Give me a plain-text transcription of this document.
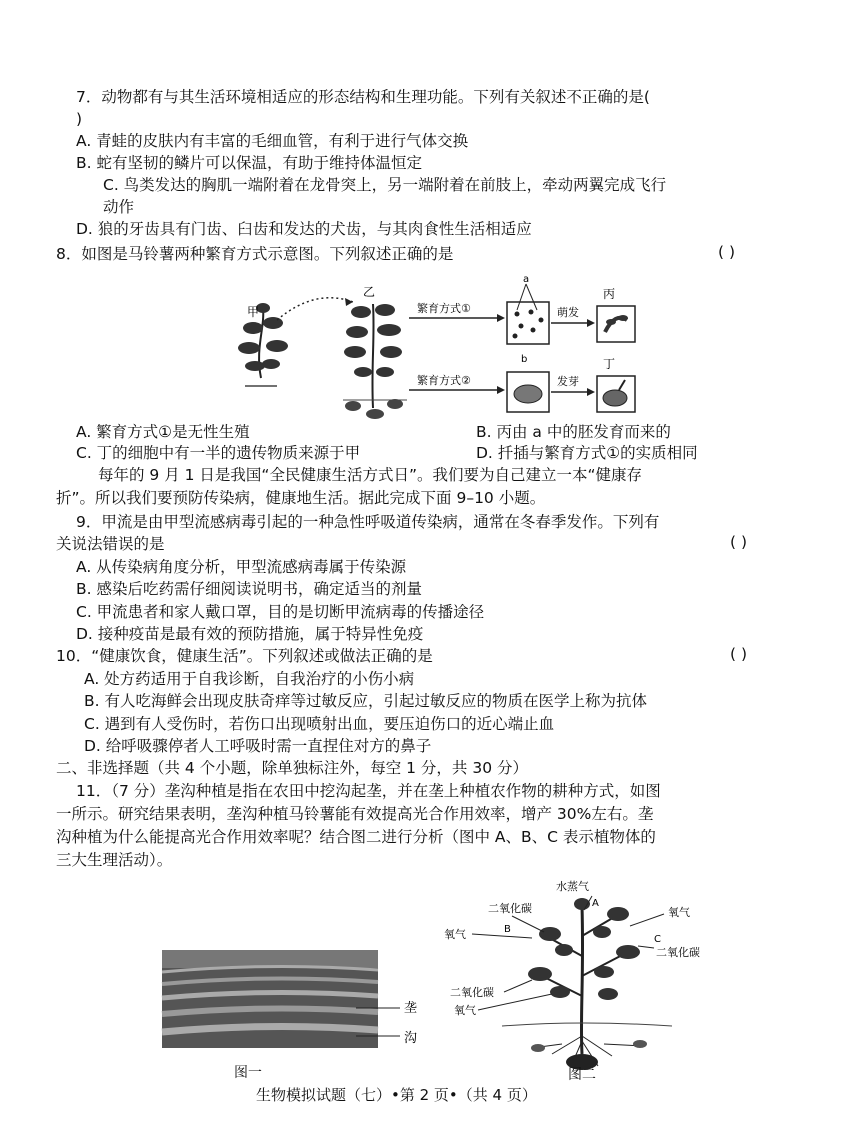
7．动物都有与其生活环境相适应的形态结构和生理功能。下列有关叙述不正确的是(
)
A. 青蛙的皮肤内有丰富的毛细血管，有利于进行气体交换
B. 蛇有坚韧的鳞片可以保温，有助于维持体温恒定
C. 鸟类发达的胸肌一端附着在龙骨突上，另一端附着在前肢上，牵动两翼完成飞行
动作
D. 狼的牙齿具有门齿、臼齿和发达的犬齿，与其肉食性生活相适应
8．如图是马铃薯两种繁育方式示意图。下列叙述正确的是	( )
甲
乙
繁育方式①
繁育方式②
a
萌发
丙
b
发芽
丁
A. 繁育方式①是无性生殖	B. 丙由 a 中的胚发育而来的
C. 丁的细胞中有一半的遗传物质来源于甲	D. 扦插与繁育方式①的实质相同
每年的 9 月 1 日是我国“全民健康生活方式日”。我们要为自己建立一本“健康存
折”。所以我们要预防传染病，健康地生活。据此完成下面 9–10 小题。
9．甲流是由甲型流感病毒引起的一种急性呼吸道传染病，通常在冬春季发作。下列有
关说法错误的是	( )
A. 从传染病角度分析，甲型流感病毒属于传染源
B. 感染后吃药需仔细阅读说明书，确定适当的剂量
C. 甲流患者和家人戴口罩，目的是切断甲流病毒的传播途径
D. 接种疫苗是最有效的预防措施，属于特异性免疫
10．“健康饮食，健康生活”。下列叙述或做法正确的是	( )
A. 处方药适用于自我诊断，自我治疗的小伤小病
B. 有人吃海鲜会出现皮肤奇痒等过敏反应，引起过敏反应的物质在医学上称为抗体
C. 遇到有人受伤时，若伤口出现喷射出血，要压迫伤口的近心端止血
D. 给呼吸骤停者人工呼吸时需一直捏住对方的鼻子
二、非选择题（共 4 个小题，除单独标注外，每空 1 分，共 30 分）
11．（7 分）垄沟种植是指在农田中挖沟起垄，并在垄上种植农作物的耕种方式，如图
一所示。研究结果表明，垄沟种植马铃薯能有效提高光合作用效率，增产 30%左右。垄
沟种植为什么能提高光合作用效率呢？结合图二进行分析（图中 A、B、C 表示植物体的
三大生理活动）。
垄
沟
图一
水蒸气
A
二氧化碳
氧气	B
氧气
C
二氧化碳
二氧化碳
氧气
图二
生物模拟试题（七）•第 2 页•（共 4 页）
